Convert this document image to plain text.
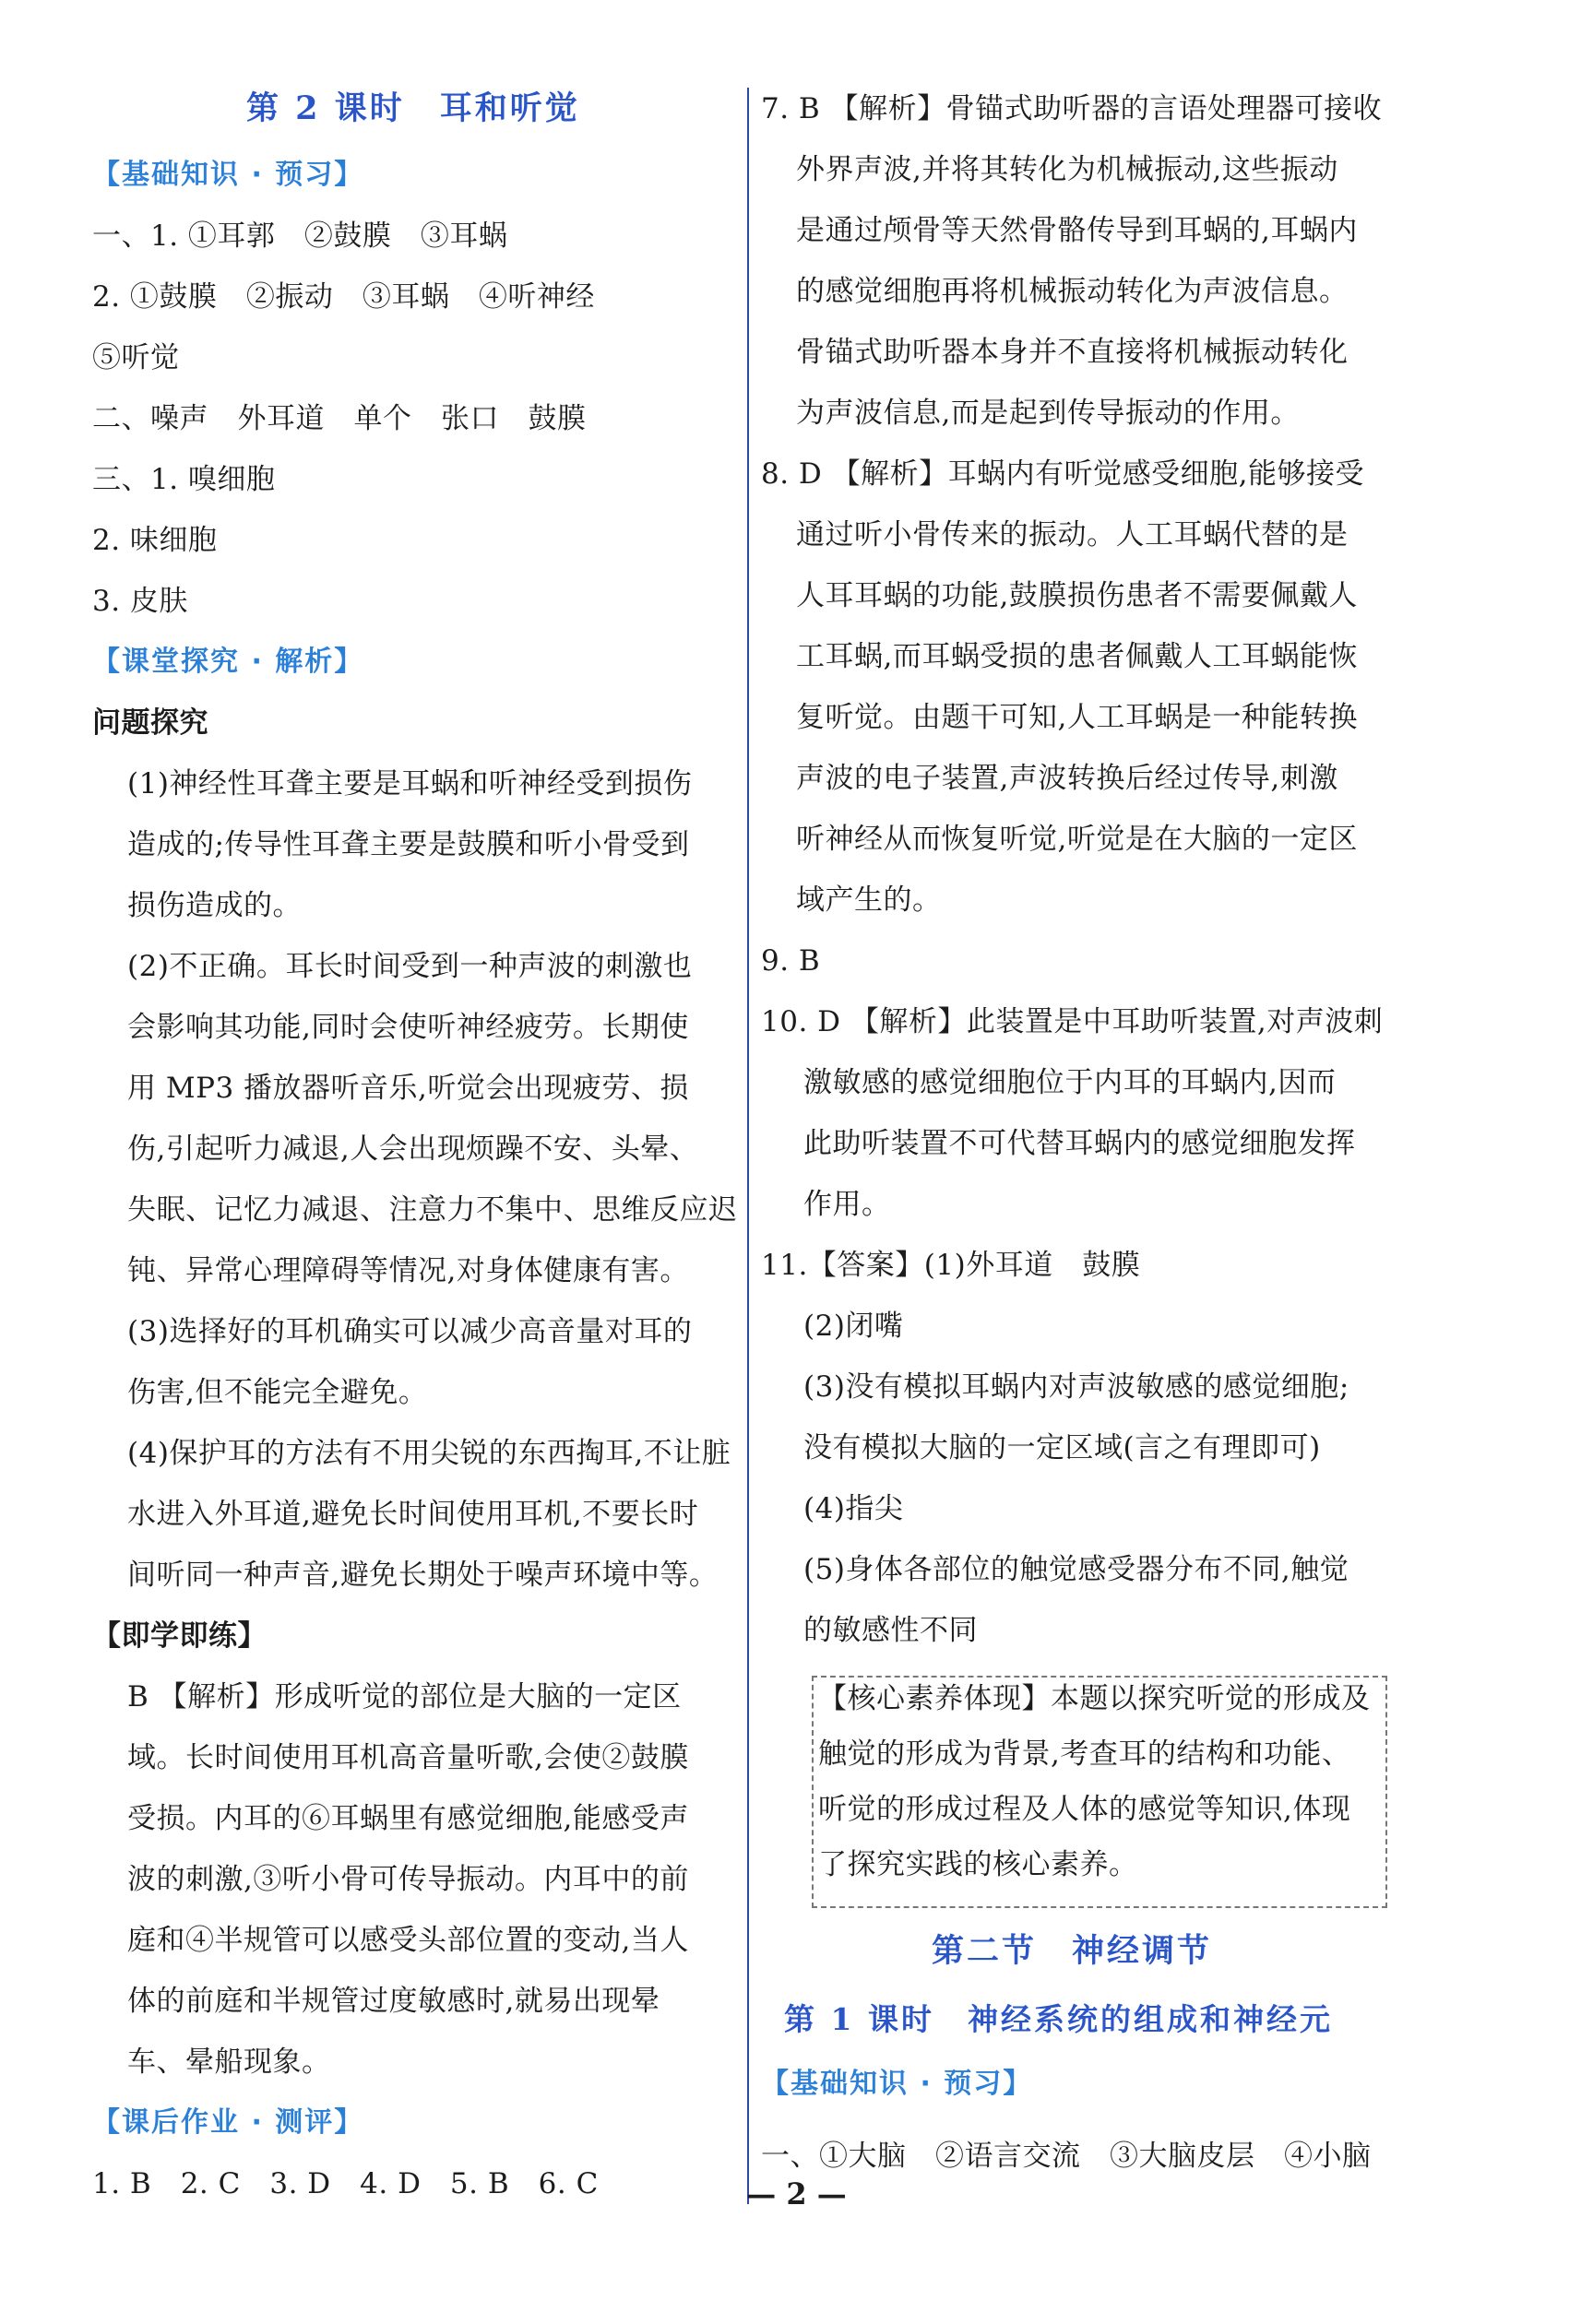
第 2 课时　耳和听觉
【基础知识 · 预习】
一、1. ①耳郭　②鼓膜　③耳蜗
2. ①鼓膜　②振动　③耳蜗　④听神经
⑤听觉
二、噪声　外耳道　单个　张口　鼓膜
三、1. 嗅细胞
2. 味细胞
3. 皮肤
【课堂探究 · 解析】
问题探究
(1)神经性耳聋主要是耳蜗和听神经受到损伤
造成的;传导性耳聋主要是鼓膜和听小骨受到
损伤造成的。
(2)不正确。耳长时间受到一种声波的刺激也
会影响其功能,同时会使听神经疲劳。长期使
用 MP3 播放器听音乐,听觉会出现疲劳、损
伤,引起听力减退,人会出现烦躁不安、头晕、
失眠、记忆力减退、注意力不集中、思维反应迟
钝、异常心理障碍等情况,对身体健康有害。
(3)选择好的耳机确实可以减少高音量对耳的
伤害,但不能完全避免。
(4)保护耳的方法有不用尖锐的东西掏耳,不让脏
水进入外耳道,避免长时间使用耳机,不要长时
间听同一种声音,避免长期处于噪声环境中等。
【即学即练】
B 【解析】形成听觉的部位是大脑的一定区
域。长时间使用耳机高音量听歌,会使②鼓膜
受损。内耳的⑥耳蜗里有感觉细胞,能感受声
波的刺激,③听小骨可传导振动。内耳中的前
庭和④半规管可以感受头部位置的变动,当人
体的前庭和半规管过度敏感时,就易出现晕
车、晕船现象。
【课后作业 · 测评】
1. B　2. C　3. D　4. D　5. B　6. C
7. B 【解析】骨锚式助听器的言语处理器可接收
外界声波,并将其转化为机械振动,这些振动
是通过颅骨等天然骨骼传导到耳蜗的,耳蜗内
的感觉细胞再将机械振动转化为声波信息。
骨锚式助听器本身并不直接将机械振动转化
为声波信息,而是起到传导振动的作用。
8. D 【解析】耳蜗内有听觉感受细胞,能够接受
通过听小骨传来的振动。人工耳蜗代替的是
人耳耳蜗的功能,鼓膜损伤患者不需要佩戴人
工耳蜗,而耳蜗受损的患者佩戴人工耳蜗能恢
复听觉。由题干可知,人工耳蜗是一种能转换
声波的电子装置,声波转换后经过传导,刺激
听神经从而恢复听觉,听觉是在大脑的一定区
域产生的。
9. B
10. D 【解析】此装置是中耳助听装置,对声波刺
激敏感的感觉细胞位于内耳的耳蜗内,因而
此助听装置不可代替耳蜗内的感觉细胞发挥
作用。
11.【答案】(1)外耳道　鼓膜
(2)闭嘴
(3)没有模拟耳蜗内对声波敏感的感觉细胞;
没有模拟大脑的一定区域(言之有理即可)
(4)指尖
(5)身体各部位的触觉感受器分布不同,触觉
的敏感性不同
【核心素养体现】本题以探究听觉的形成及
触觉的形成为背景,考查耳的结构和功能、
听觉的形成过程及人体的感觉等知识,体现
了探究实践的核心素养。
第二节　神经调节
第 1 课时　神经系统的组成和神经元
【基础知识 · 预习】
一、①大脑　②语言交流　③大脑皮层　④小脑
— 2 —
